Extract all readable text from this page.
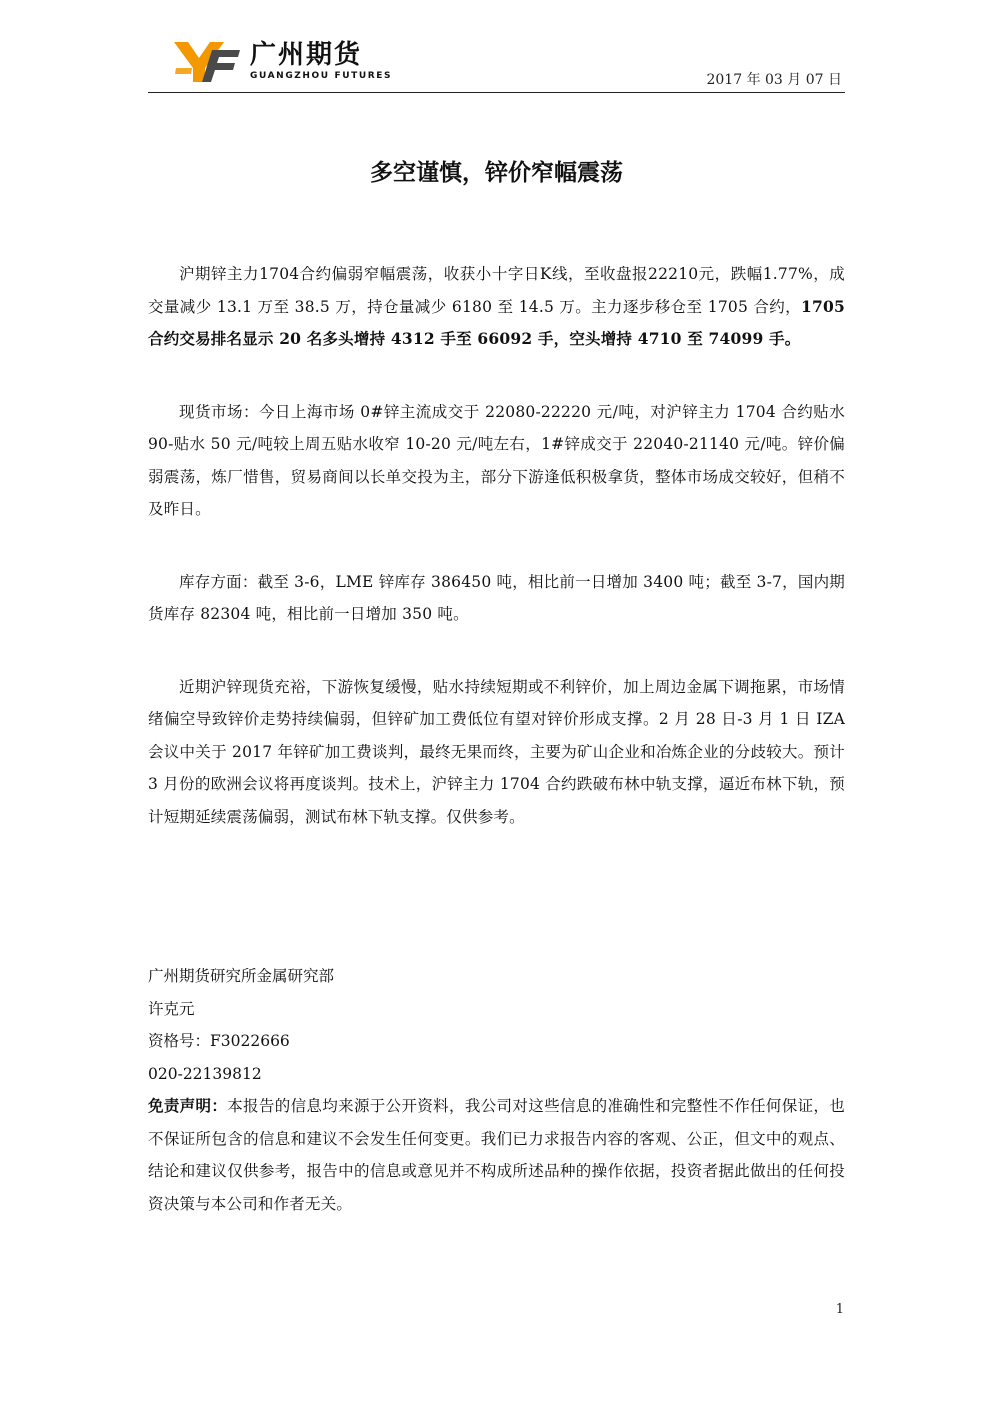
广州期货
GUANGZHOU FUTURES	2017 年 03 月 07 日
多空谨慎，锌价窄幅震荡

沪期锌主力1704合约偏弱窄幅震荡，收获小十字日K线，至收盘报22210元，跌幅1.77%，成交量减少 13.1 万至 38.5 万，持仓量减少 6180 至 14.5 万。主力逐步移仓至 1705 合约，1705 合约交易排名显示 20 名多头增持 4312 手至 66092 手，空头增持 4710 至 74099 手。

现货市场：今日上海市场 0#锌主流成交于 22080-22220 元/吨，对沪锌主力 1704 合约贴水 90-贴水 50 元/吨较上周五贴水收窄 10-20 元/吨左右，1#锌成交于 22040-21140 元/吨。锌价偏弱震荡，炼厂惜售，贸易商间以长单交投为主，部分下游逢低积极拿货，整体市场成交较好，但稍不及昨日。

库存方面：截至 3-6，LME 锌库存 386450 吨，相比前一日增加 3400 吨；截至 3-7，国内期货库存 82304 吨，相比前一日增加 350 吨。

近期沪锌现货充裕，下游恢复缓慢，贴水持续短期或不利锌价，加上周边金属下调拖累，市场情绪偏空导致锌价走势持续偏弱，但锌矿加工费低位有望对锌价形成支撑。2 月 28 日-3 月 1 日 IZA 会议中关于 2017 年锌矿加工费谈判，最终无果而终，主要为矿山企业和冶炼企业的分歧较大。预计 3 月份的欧洲会议将再度谈判。技术上，沪锌主力 1704 合约跌破布林中轨支撑，逼近布林下轨，预计短期延续震荡偏弱，测试布林下轨支撑。仅供参考。

广州期货研究所金属研究部

许克元

资格号：F3022666

020-22139812

免责声明：本报告的信息均来源于公开资料，我公司对这些信息的准确性和完整性不作任何保证，也不保证所包含的信息和建议不会发生任何变更。我们已力求报告内容的客观、公正，但文中的观点、结论和建议仅供参考，报告中的信息或意见并不构成所述品种的操作依据，投资者据此做出的任何投资决策与本公司和作者无关。

1
